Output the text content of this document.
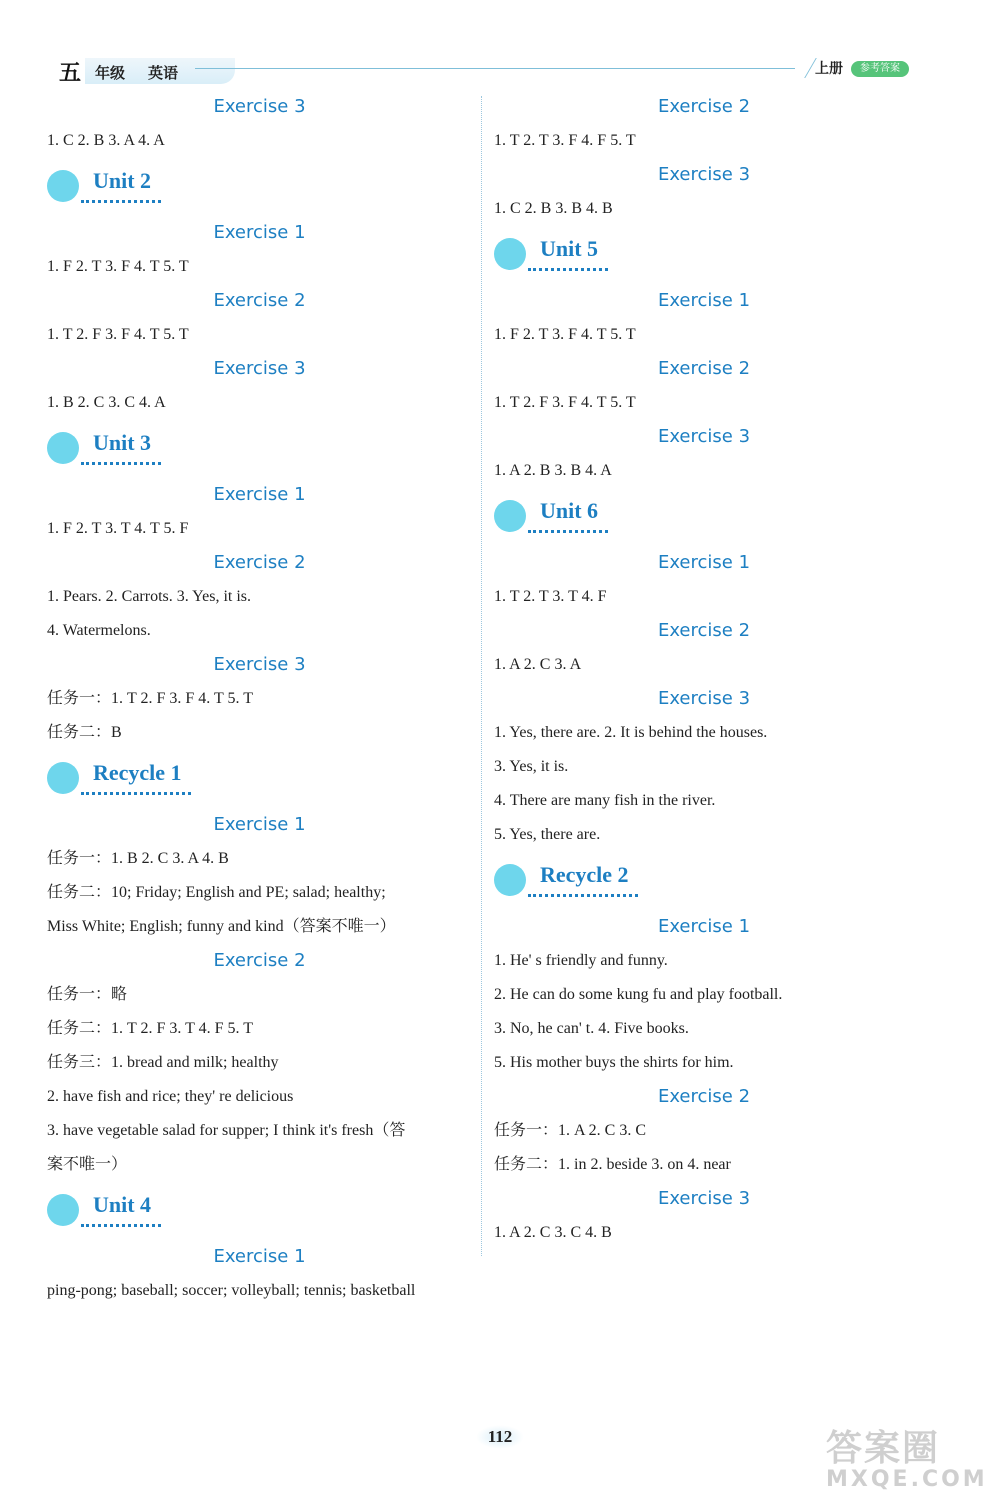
五 年级 英语	上册	参考答案
Exercise 3
1. C 2. B 3. A 4. A
Unit 2
Exercise 1
1. F 2. T 3. F 4. T 5. T
Exercise 2
1. T 2. F 3. F 4. T 5. T
Exercise 3
1. B 2. C 3. C 4. A
Unit 3
Exercise 1
1. F 2. T 3. T 4. T 5. F
Exercise 2
1. Pears. 2. Carrots. 3. Yes, it is.
4. Watermelons.
Exercise 3
任务一：1. T 2. F 3. F 4. T 5. T
任务二：B
Recycle 1
Exercise 1
任务一：1. B 2. C 3. A 4. B
任务二：10; Friday; English and PE; salad; healthy;
Miss White; English; funny and kind（答案不唯一）
Exercise 2
任务一：略
任务二：1. T 2. F 3. T 4. F 5. T
任务三：1. bread and milk; healthy
2. have fish and rice; they' re delicious
3. have vegetable salad for supper; I think it's fresh（答
案不唯一）
Unit 4
Exercise 1
ping-pong; baseball; soccer; volleyball; tennis; basketball
Exercise 2
1. T 2. T 3. F 4. F 5. T
Exercise 3
1. C 2. B 3. B 4. B
Unit 5
Exercise 1
1. F 2. T 3. F 4. T 5. T
Exercise 2
1. T 2. F 3. F 4. T 5. T
Exercise 3
1. A 2. B 3. B 4. A
Unit 6
Exercise 1
1. T 2. T 3. T 4. F
Exercise 2
1. A 2. C 3. A
Exercise 3
1. Yes, there are. 2. It is behind the houses.
3. Yes, it is.
4. There are many fish in the river.
5. Yes, there are.
Recycle 2
Exercise 1
1. He' s friendly and funny.
2. He can do some kung fu and play football.
3. No, he can' t. 4. Five books.
5. His mother buys the shirts for him.
Exercise 2
任务一：1. A 2. C 3. C
任务二：1. in 2. beside 3. on 4. near
Exercise 3
1. A 2. C 3. C 4. B
112	答案圈
MXQE.COM
